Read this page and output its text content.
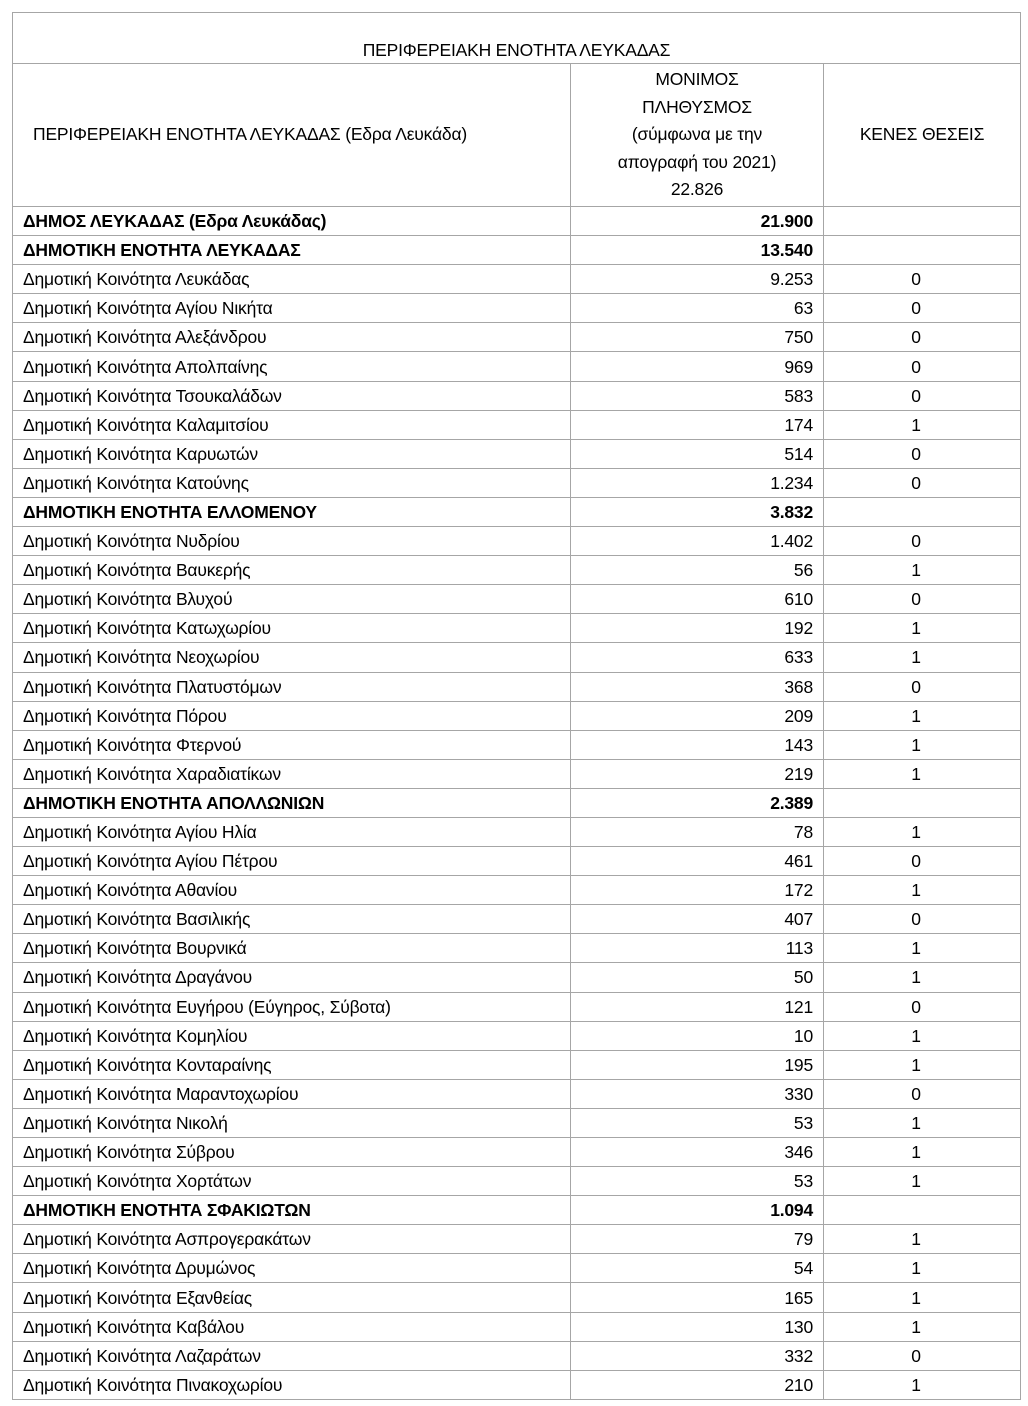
ΠΕΡΙΦΕΡΕΙΑΚΗ ΕΝΟΤΗΤΑ ΛΕΥΚΑΔΑΣ		
ΠΕΡΙΦΕΡΕΙΑΚΗ ΕΝΟΤΗΤΑ ΛΕΥΚΑΔΑΣ (Εδρα Λευκάδα)	ΜΟΝΙΜΟΣ
ΠΛΗΘΥΣΜΟΣ
(σύμφωνα με την
απογραφή του 2021)
22.826	ΚΕΝΕΣ ΘΕΣΕΙΣ
ΔΗΜΟΣ ΛΕΥΚΑΔΑΣ (Εδρα Λευκάδας)	21.900	
ΔΗΜΟΤΙΚΗ ΕΝΟΤΗΤΑ ΛΕΥΚΑΔΑΣ	13.540	
Δημοτική Κοινότητα Λευκάδας	9.253	0
Δημοτική Κοινότητα Αγίου Νικήτα	63	0
Δημοτική Κοινότητα Αλεξάνδρου	750	0
Δημοτική Κοινότητα Απολπαίνης	969	0
Δημοτική Κοινότητα Τσουκαλάδων	583	0
Δημοτική Κοινότητα Καλαμιτσίου	174	1
Δημοτική Κοινότητα Καρυωτών	514	0
Δημοτική Κοινότητα Κατούνης	1.234	0
ΔΗΜΟΤΙΚΗ ΕΝΟΤΗΤΑ ΕΛΛΟΜΕΝΟΥ	3.832	
Δημοτική Κοινότητα Νυδρίου	1.402	0
Δημοτική Κοινότητα Βαυκερής	56	1
Δημοτική Κοινότητα Βλυχού	610	0
Δημοτική Κοινότητα Κατωχωρίου	192	1
Δημοτική Κοινότητα Νεοχωρίου	633	1
Δημοτική Κοινότητα Πλατυστόμων	368	0
Δημοτική Κοινότητα Πόρου	209	1
Δημοτική Κοινότητα Φτερνού	143	1
Δημοτική Κοινότητα Χαραδιατίκων	219	1
ΔΗΜΟΤΙΚΗ ΕΝΟΤΗΤΑ ΑΠΟΛΛΩΝΙΩΝ	2.389	
Δημοτική Κοινότητα Αγίου Ηλία	78	1
Δημοτική Κοινότητα Αγίου Πέτρου	461	0
Δημοτική Κοινότητα Αθανίου	172	1
Δημοτική Κοινότητα Βασιλικής	407	0
Δημοτική Κοινότητα Βουρνικά	113	1
Δημοτική Κοινότητα Δραγάνου	50	1
Δημοτική Κοινότητα Ευγήρου (Εύγηρος, Σύβοτα)	121	0
Δημοτική Κοινότητα Κομηλίου	10	1
Δημοτική Κοινότητα Κονταραίνης	195	1
Δημοτική Κοινότητα Μαραντοχωρίου	330	0
Δημοτική Κοινότητα Νικολή	53	1
Δημοτική Κοινότητα Σύβρου	346	1
Δημοτική Κοινότητα Χορτάτων	53	1
ΔΗΜΟΤΙΚΗ ΕΝΟΤΗΤΑ ΣΦΑΚΙΩΤΩΝ	1.094	
Δημοτική Κοινότητα Ασπρογερακάτων	79	1
Δημοτική Κοινότητα Δρυμώνος	54	1
Δημοτική Κοινότητα Εξανθείας	165	1
Δημοτική Κοινότητα Καβάλου	130	1
Δημοτική Κοινότητα Λαζαράτων	332	0
Δημοτική Κοινότητα Πινακοχωρίου	210	1
